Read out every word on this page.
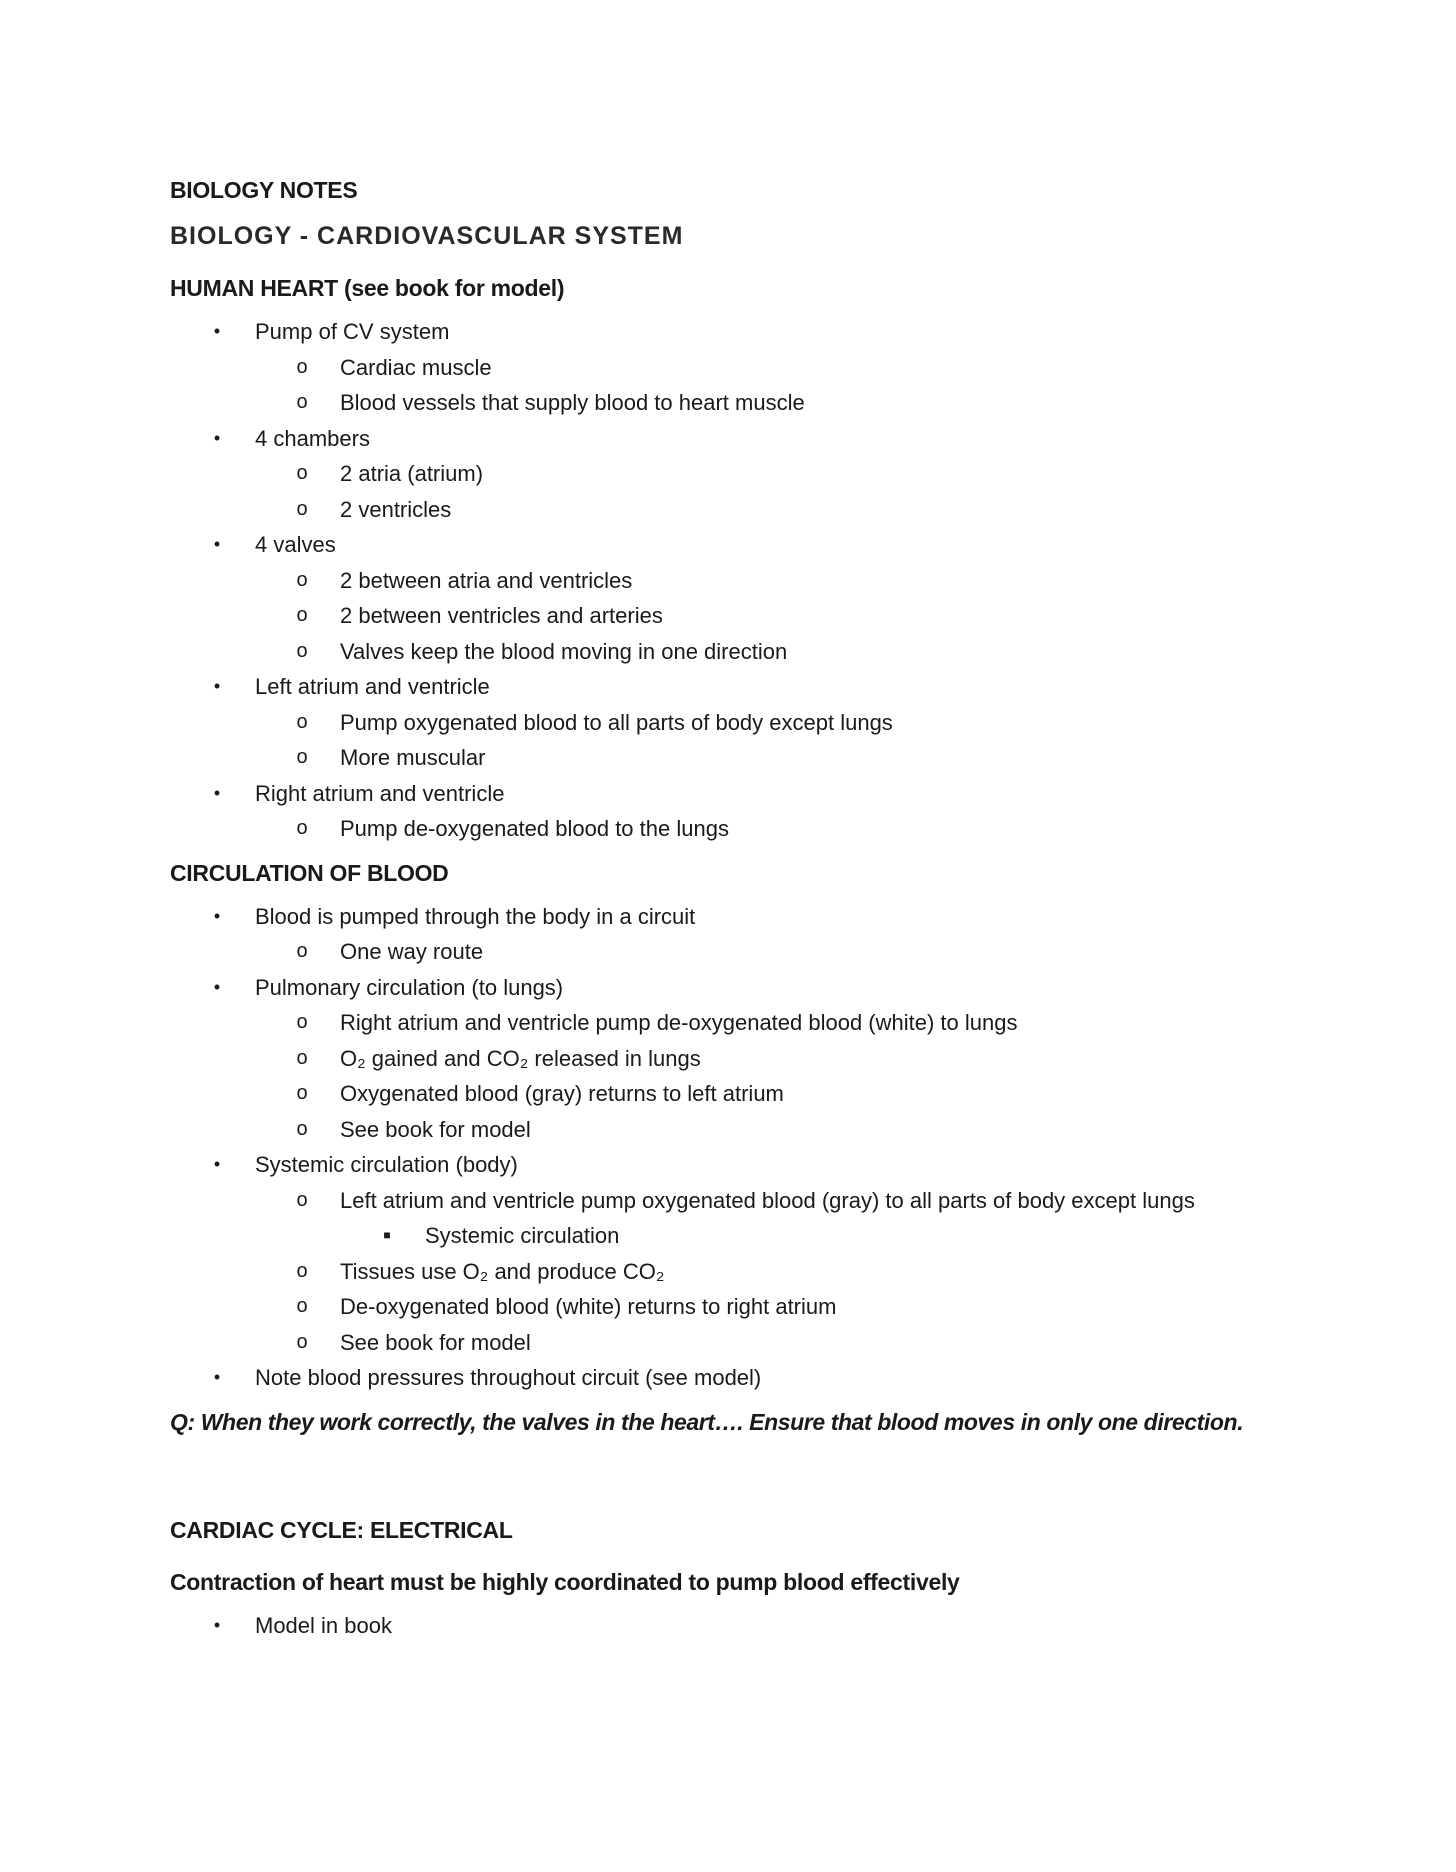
BIOLOGY NOTES
BIOLOGY - CARDIOVASCULAR SYSTEM
HUMAN HEART (see book for model)
•	Pump of CV system
o Cardiac muscle
o Blood vessels that supply blood to heart muscle
•	4 chambers
o 2 atria (atrium)
o 2 ventricles
•	4 valves
o 2 between atria and ventricles
o 2 between ventricles and arteries
o Valves keep the blood moving in one direction
•	Left atrium and ventricle
o Pump oxygenated blood to all parts of body except lungs
o More muscular
•	Right atrium and ventricle
o Pump de-oxygenated blood to the lungs
CIRCULATION OF BLOOD
•	Blood is pumped through the body in a circuit
o One way route
•	Pulmonary circulation (to lungs)
o Right atrium and ventricle pump de-oxygenated blood (white) to lungs
o O₂ gained and CO₂ released in lungs
o Oxygenated blood (gray) returns to left atrium
o See book for model
•	Systemic circulation (body)
o Left atrium and ventricle pump oxygenated blood (gray) to all parts of body except lungs
■ Systemic circulation
o Tissues use O₂ and produce CO₂
o De-oxygenated blood (white) returns to right atrium
o See book for model
•	Note blood pressures throughout circuit (see model)

Q: When they work correctly, the valves in the heart…. Ensure that blood moves in only one direction.

CARDIAC CYCLE: ELECTRICAL
Contraction of heart must be highly coordinated to pump blood effectively
•	Model in book
